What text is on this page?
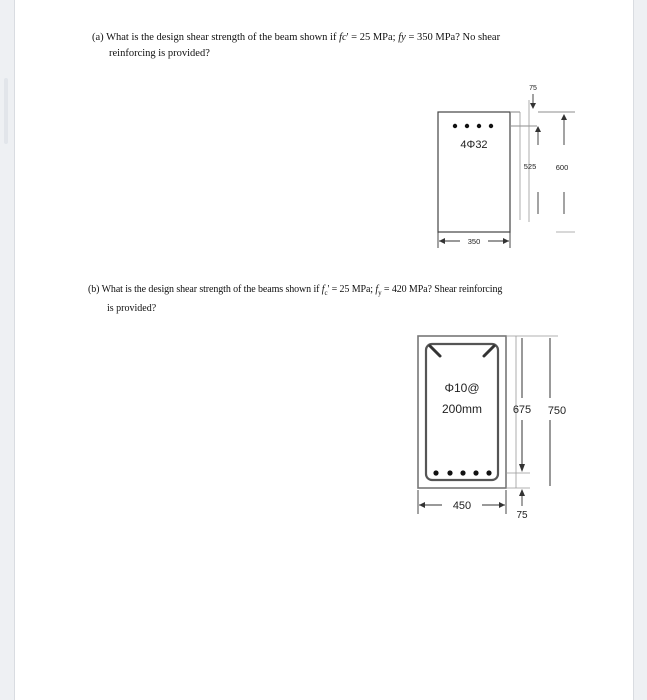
(a) What is the design shear strength of the beam shown if fc' = 25 MPa; fy = 350 MPa? No shear
reinforcing is provided?
4Φ32
75
525	600
350
(b) What is the design shear strength of the beams shown if $f_c' = 25$ MPa; $f_y = 420$ MPa? Shear reinforcing
is provided?
Φ10@
200mm	675 750
75
450
